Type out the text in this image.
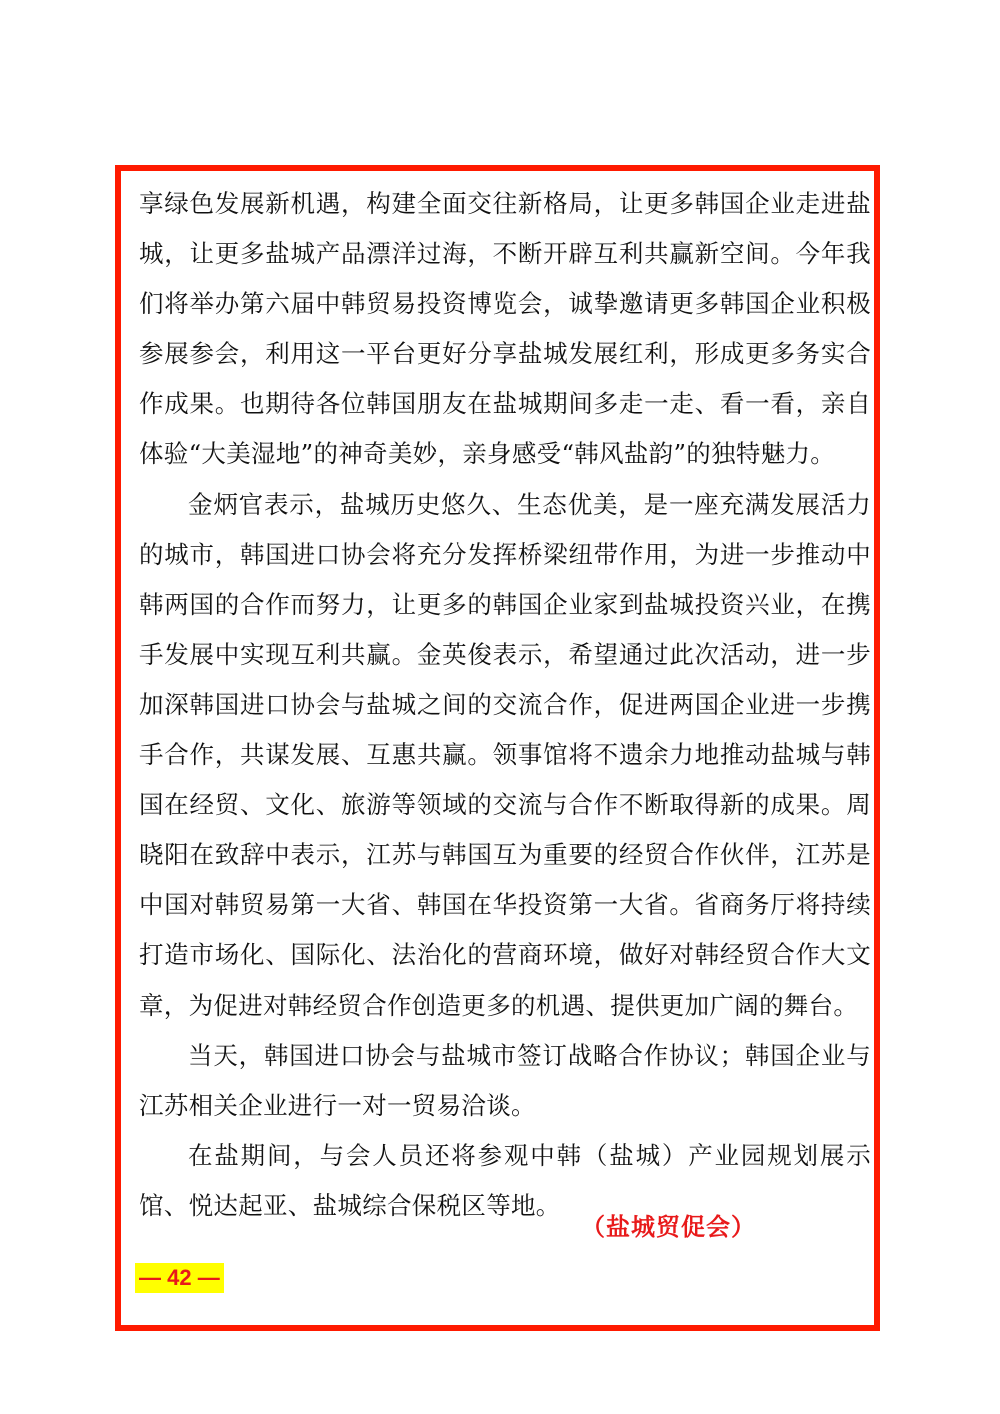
享绿色发展新机遇，构建全面交往新格局，让更多韩国企业走进盐城，让更多盐城产品漂洋过海，不断开辟互利共赢新空间。今年我们将举办第六届中韩贸易投资博览会，诚挚邀请更多韩国企业积极参展参会，利用这一平台更好分享盐城发展红利，形成更多务实合作成果。也期待各位韩国朋友在盐城期间多走一走、看一看，亲自体验“大美湿地”的神奇美妙，亲身感受“韩风盐韵”的独特魅力。

金炳官表示，盐城历史悠久、生态优美，是一座充满发展活力的城市，韩国进口协会将充分发挥桥梁纽带作用，为进一步推动中韩两国的合作而努力，让更多的韩国企业家到盐城投资兴业，在携手发展中实现互利共赢。金英俊表示，希望通过此次活动，进一步加深韩国进口协会与盐城之间的交流合作，促进两国企业进一步携手合作，共谋发展、互惠共赢。领事馆将不遗余力地推动盐城与韩国在经贸、文化、旅游等领域的交流与合作不断取得新的成果。周晓阳在致辞中表示，江苏与韩国互为重要的经贸合作伙伴，江苏是中国对韩贸易第一大省、韩国在华投资第一大省。省商务厅将持续打造市场化、国际化、法治化的营商环境，做好对韩经贸合作大文章，为促进对韩经贸合作创造更多的机遇、提供更加广阔的舞台。

当天，韩国进口协会与盐城市签订战略合作协议；韩国企业与江苏相关企业进行一对一贸易洽谈。

在盐期间，与会人员还将参观中韩（盐城）产业园规划展示馆、悦达起亚、盐城综合保税区等地。

（盐城贸促会）
— 42 —
